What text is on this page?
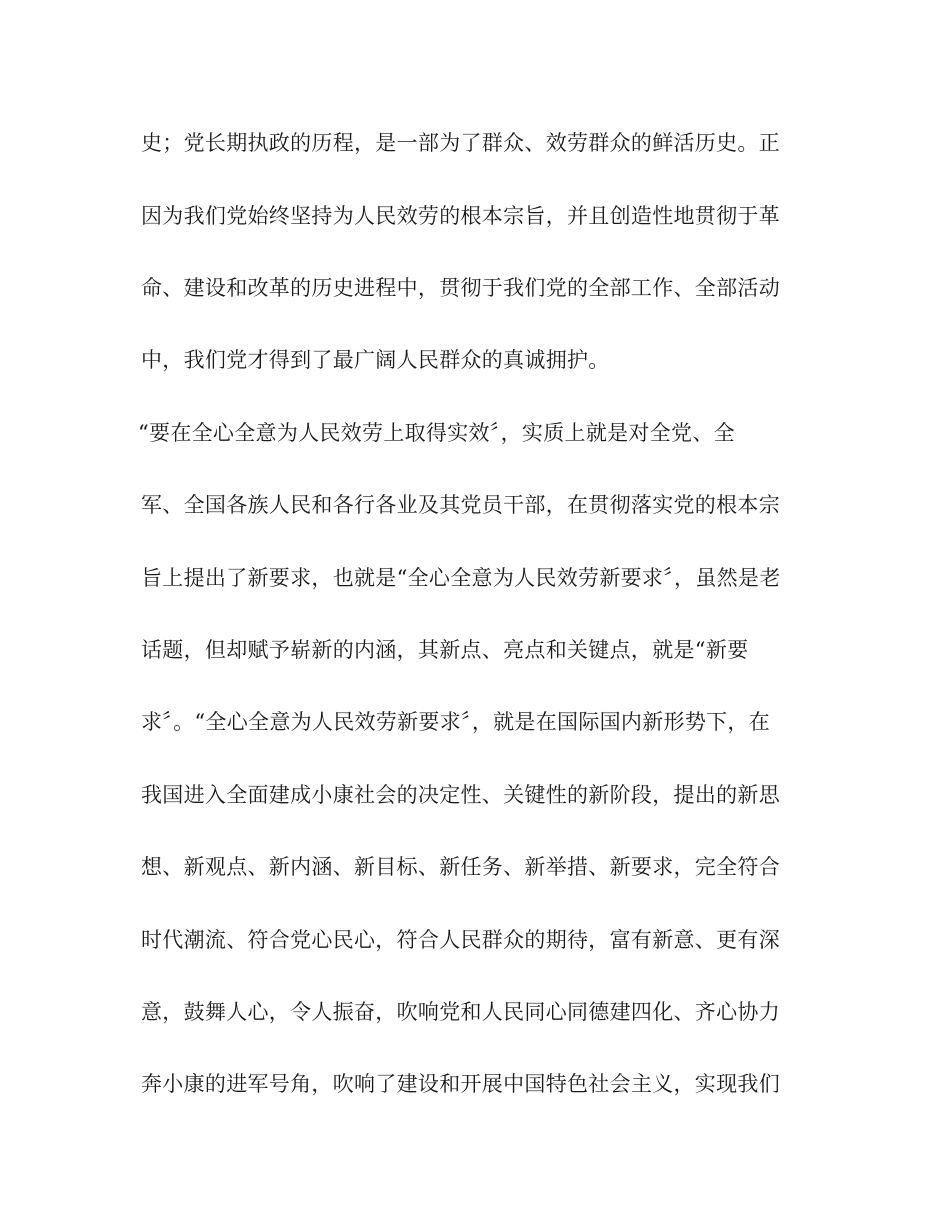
史；党长期执政的历程，是一部为了群众、效劳群众的鲜活历史。正
因为我们党始终坚持为人民效劳的根本宗旨，并且创造性地贯彻于革
命、建设和改革的历史进程中，贯彻于我们党的全部工作、全部活动
中，我们党才得到了最广阔人民群众的真诚拥护。
“要在全心全意为人民效劳上取得实效〞，实质上就是对全党、全
军、全国各族人民和各行各业及其党员干部，在贯彻落实党的根本宗
旨上提出了新要求，也就是“全心全意为人民效劳新要求〞，虽然是老
话题，但却赋予崭新的内涵，其新点、亮点和关键点，就是“新要
求〞。“全心全意为人民效劳新要求〞，就是在国际国内新形势下，在
我国进入全面建成小康社会的决定性、关键性的新阶段，提出的新思
想、新观点、新内涵、新目标、新任务、新举措、新要求，完全符合
时代潮流、符合党心民心，符合人民群众的期待，富有新意、更有深
意，鼓舞人心，令人振奋，吹响党和人民同心同德建四化、齐心协力
奔小康的进军号角，吹响了建设和开展中国特色社会主义，实现我们
